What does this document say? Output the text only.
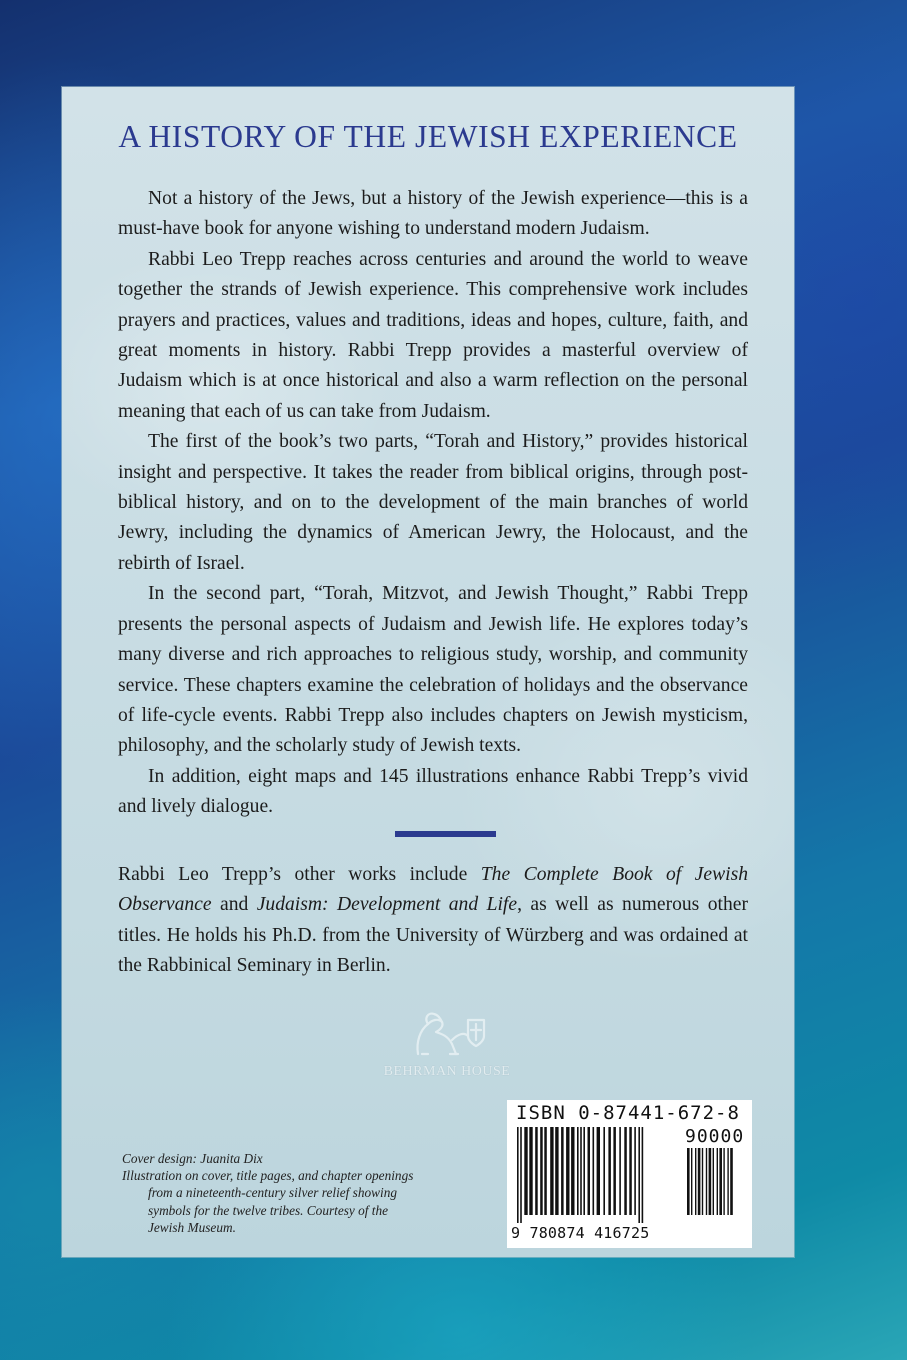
A HISTORY OF THE JEWISH EXPERIENCE

Not a history of the Jews, but a history of the Jewish experience—this is a must-have book for anyone wishing to understand modern Judaism.

Rabbi Leo Trepp reaches across centuries and around the world to weave together the strands of Jewish experience. This comprehensive work includes prayers and practices, values and traditions, ideas and hopes, culture, faith, and great moments in history. Rabbi Trepp provides a masterful overview of Judaism which is at once historical and also a warm reflection on the personal meaning that each of us can take from Judaism.

The first of the book’s two parts, “Torah and History,” provides historical insight and perspective. It takes the reader from biblical origins, through post-biblical history, and on to the development of the main branches of world Jewry, including the dynamics of American Jewry, the Holocaust, and the rebirth of Israel.

In the second part, “Torah, Mitzvot, and Jewish Thought,” Rabbi Trepp presents the personal aspects of Judaism and Jewish life. He explores today’s many diverse and rich approaches to religious study, worship, and community service. These chapters examine the celebration of holidays and the observance of life-cycle events. Rabbi Trepp also includes chapters on Jewish mysticism, philosophy, and the scholarly study of Jewish texts.

In addition, eight maps and 145 illustrations enhance Rabbi Trepp’s vivid and lively dialogue.

Rabbi Leo Trepp’s other works include The Complete Book of Jewish Observance and Judaism: Development and Life, as well as numerous other titles. He holds his Ph.D. from the University of Würzberg and was ordained at the Rabbinical Seminary in Berlin.

BEHRMAN HOUSE
Cover design: Juanita Dix
Illustration on cover, title pages, and chapter openings
from a nineteenth-century silver relief showing
symbols for the twelve tribes. Courtesy of the
Jewish Museum.
ISBN 0-87441-672-8
90000
9 780874 416725
